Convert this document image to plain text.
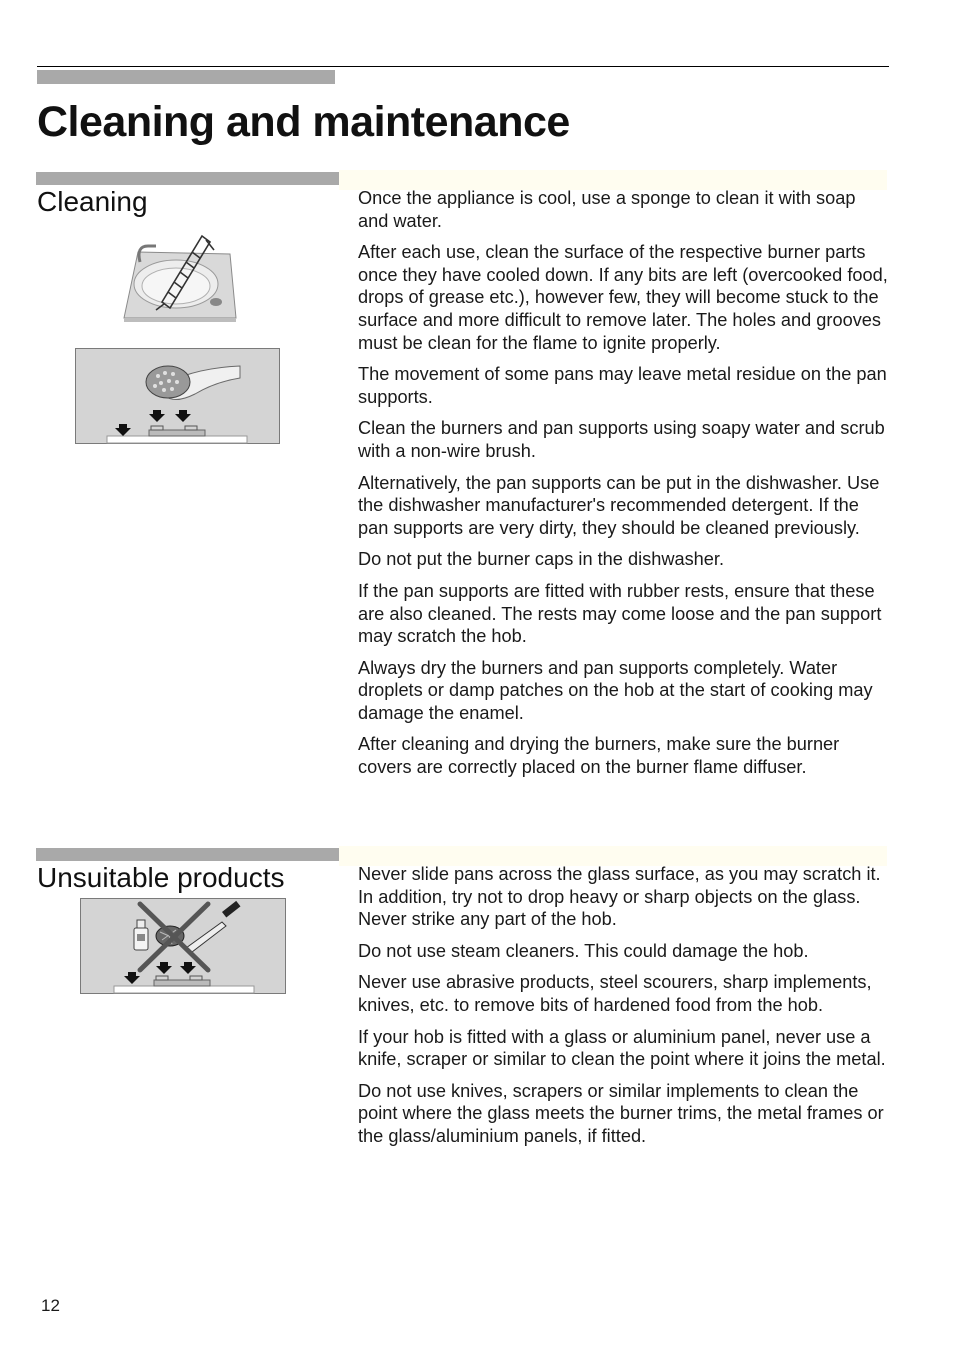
Cleaning and maintenance
Cleaning	Once the appliance is cool, use a sponge to clean it with soap and water.

After each use, clean the surface of the respective burner parts once they have cooled down. If any bits are left (overcooked food, drops of grease etc.), however few, they will become stuck to the surface and more difficult to remove later. The holes and grooves must be clean for the flame to ignite properly.

The movement of some pans may leave metal residue on the pan supports.

Clean the burners and pan supports using soapy water and scrub with a non-wire brush.

Alternatively, the pan supports can be put in the dishwasher. Use the dishwasher manufacturer's recommended detergent. If the pan supports are very dirty, they should be cleaned previously.

Do not put the burner caps in the dishwasher.

If the pan supports are fitted with rubber rests, ensure that these are also cleaned. The rests may come loose and the pan support may scratch the hob.

Always dry the burners and pan supports completely. Water droplets or damp patches on the hob at the start of cooking may damage the enamel.

After cleaning and drying the burners, make sure the burner covers are correctly placed on the burner flame diffuser.

Unsuitable products	Never slide pans across the glass surface, as you may scratch it. In addition, try not to drop heavy or sharp objects on the glass. Never strike any part of the hob.

Do not use steam cleaners. This could damage the hob.

Never use abrasive products, steel scourers, sharp implements, knives, etc. to remove bits of hardened food from the hob.

If your hob is fitted with a glass or aluminium panel, never use a knife, scraper or similar to clean the point where it joins the metal.

Do not use knives, scrapers or similar implements to clean the point where the glass meets the burner trims, the metal frames or the glass/aluminium panels, if fitted.

12
